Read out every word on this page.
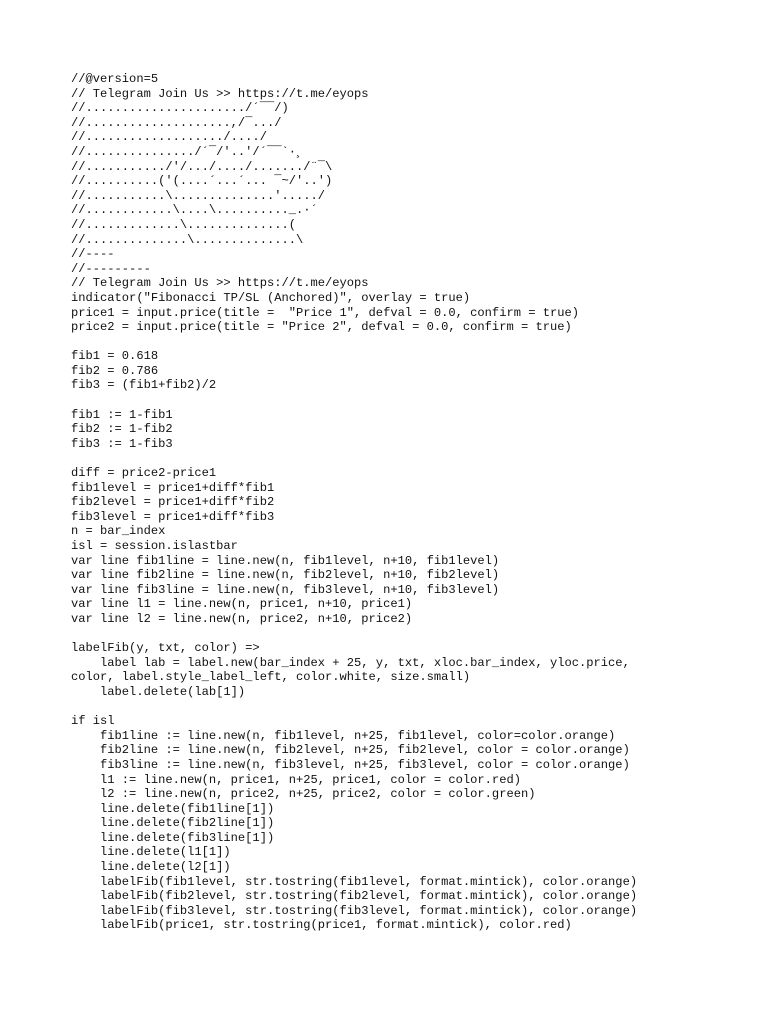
//@version=5
// Telegram Join Us >> https://t.me/eyops
//....................../´¯¯/)
//....................,/¯.../
//.................../..../
//.............../´¯/'..'/´¯¯`·¸
//.........../'/.../..../......./¨¯\
//..........('(....´...´... ¯~/'..')
//...........\..............'...../
//............\....\.........._.·´
//.............\..............(
//..............\..............\
//----
//---------
// Telegram Join Us >> https://t.me/eyops
indicator("Fibonacci TP/SL (Anchored)", overlay = true)
price1 = input.price(title =  "Price 1", defval = 0.0, confirm = true)
price2 = input.price(title = "Price 2", defval = 0.0, confirm = true)
fib1 = 0.618
fib2 = 0.786
fib3 = (fib1+fib2)/2
fib1 := 1-fib1
fib2 := 1-fib2
fib3 := 1-fib3
diff = price2-price1
fib1level = price1+diff*fib1
fib2level = price1+diff*fib2
fib3level = price1+diff*fib3
n = bar_index
isl = session.islastbar
var line fib1line = line.new(n, fib1level, n+10, fib1level)
var line fib2line = line.new(n, fib2level, n+10, fib2level)
var line fib3line = line.new(n, fib3level, n+10, fib3level)
var line l1 = line.new(n, price1, n+10, price1)
var line l2 = line.new(n, price2, n+10, price2)
labelFib(y, txt, color) =>
label lab = label.new(bar_index + 25, y, txt, xloc.bar_index, yloc.price,
color, label.style_label_left, color.white, size.small)
label.delete(lab[1])
if isl
fib1line := line.new(n, fib1level, n+25, fib1level, color=color.orange)
fib2line := line.new(n, fib2level, n+25, fib2level, color = color.orange)
fib3line := line.new(n, fib3level, n+25, fib3level, color = color.orange)
l1 := line.new(n, price1, n+25, price1, color = color.red)
l2 := line.new(n, price2, n+25, price2, color = color.green)
line.delete(fib1line[1])
line.delete(fib2line[1])
line.delete(fib3line[1])
line.delete(l1[1])
line.delete(l2[1])
labelFib(fib1level, str.tostring(fib1level, format.mintick), color.orange)
labelFib(fib2level, str.tostring(fib2level, format.mintick), color.orange)
labelFib(fib3level, str.tostring(fib3level, format.mintick), color.orange)
labelFib(price1, str.tostring(price1, format.mintick), color.red)
